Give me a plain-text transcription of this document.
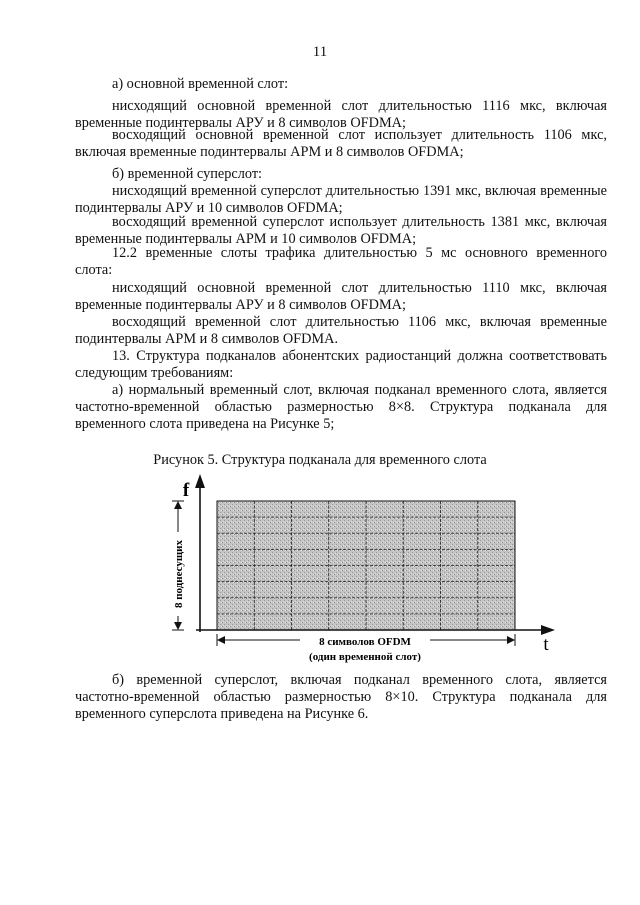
11

а) основной временной слот:

нисходящий основной временной слот длительностью 1116 мкс, включая временные подинтервалы АРУ и 8 символов OFDMA;

восходящий основной временной слот использует длительность 1106 мкс, включая временные подинтервалы АРМ и 8 символов OFDMA;

б) временной суперслот:

нисходящий временной суперслот длительностью 1391 мкс, включая временные подинтервалы АРУ и 10 символов OFDMA;

восходящий временной суперслот использует длительность 1381 мкс, включая временные подинтервалы АРМ и 10 символов OFDMA;

12.2 временные слоты трафика длительностью 5 мс основного временного слота:

нисходящий основной временной слот длительностью 1110 мкс, включая временные подинтервалы АРУ и 8 символов OFDMA;

восходящий временной слот длительностью 1106 мкс, включая временные подинтервалы АРМ и 8 символов OFDMA.

13. Структура подканалов абонентских радиостанций должна соответствовать следующим требованиям:

а) нормальный временный слот, включая подканал временного слота, является частотно-временной областью размерностью 8×8. Структура подканала для временного слота приведена на Рисунке 5;

Рисунок 5. Структура подканала для временного слота
f
t
8 поднесущих
8 символов OFDM
(один временной слот)

б) временной суперслот, включая подканал временного слота, является частотно-временной областью размерностью 8×10. Структура подканала для временного суперслота приведена на Рисунке 6.
